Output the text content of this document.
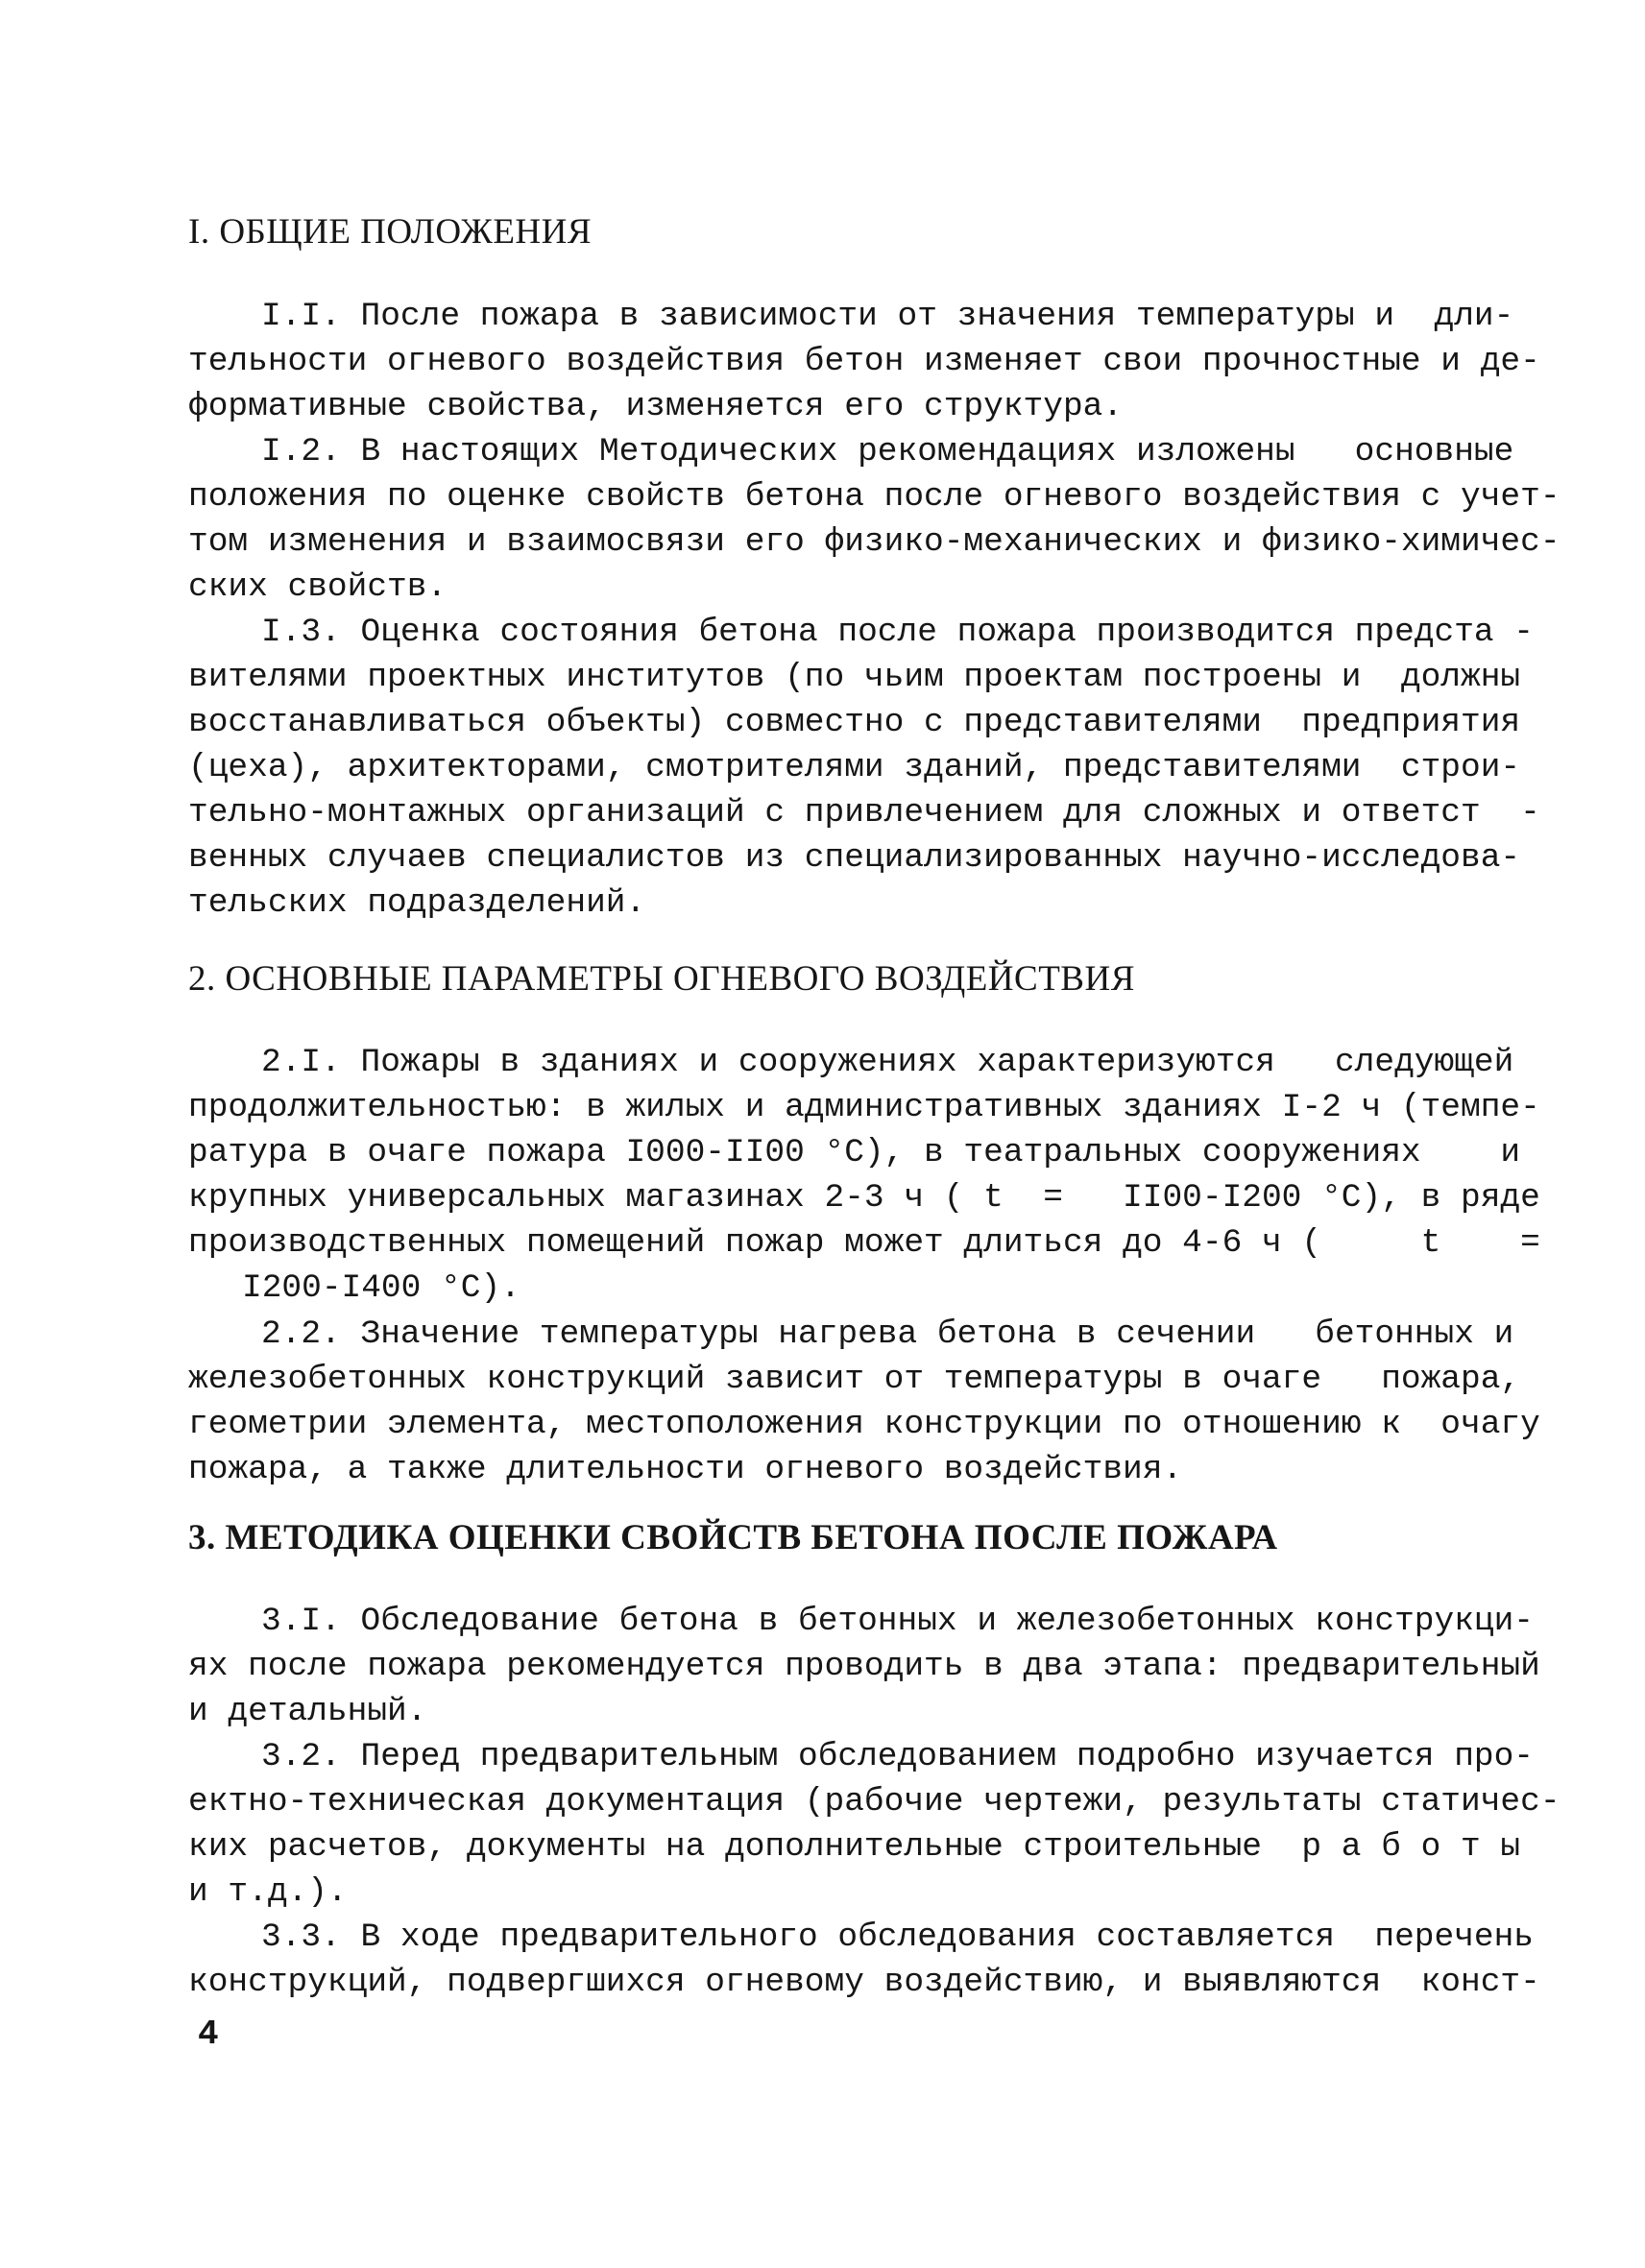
I. ОБЩИЕ ПОЛОЖЕНИЯ
I.I. После пожара в зависимости от значения температуры и  дли-
тельности огневого воздействия бетон изменяет свои прочностные и де-
формативные свойства, изменяется его структура.
I.2. В настоящих Методических рекомендациях изложены   основные
положения по оценке свойств бетона после огневого воздействия с учет-
том изменения и взаимосвязи его физико-механических и физико-химичес-
ских свойств.
I.3. Оценка состояния бетона после пожара производится предста -
вителями проектных институтов (по чьим проектам построены и  должны
восстанавливаться объекты) совместно с представителями  предприятия
(цеха), архитекторами, смотрителями зданий, представителями  строи-
тельно-монтажных организаций с привлечением для сложных и ответст  -
венных случаев специалистов из специализированных научно-исследова-
тельских подразделений.
2. ОСНОВНЫЕ ПАРАМЕТРЫ ОГНЕВОГО ВОЗДЕЙСТВИЯ
2.I. Пожары в зданиях и сооружениях характеризуются   следующей
продолжительностью: в жилых и административных зданиях I-2 ч (темпе-
ратура в очаге пожара I000-II00 °С), в театральных сооружениях    и
крупных универсальных магазинах 2-3 ч ( t  =   II00-I200 °С), в ряде
производственных помещений пожар может длиться до 4-6 ч (     t    =
I200-I400 °С).
2.2. Значение температуры нагрева бетона в сечении   бетонных и
железобетонных конструкций зависит от температуры в очаге   пожара,
геометрии элемента, местоположения конструкции по отношению к  очагу
пожара, а также длительности огневого воздействия.
3. МЕТОДИКА ОЦЕНКИ СВОЙСТВ БЕТОНА ПОСЛЕ ПОЖАРА
3.I. Обследование бетона в бетонных и железобетонных конструкци-
ях после пожара рекомендуется проводить в два этапа: предварительный
и детальный.
3.2. Перед предварительным обследованием подробно изучается про-
ектно-техническая документация (рабочие чертежи, результаты статичес-
ких расчетов, документы на дополнительные строительные  р а б о т ы
и т.д.).
3.3. В ходе предварительного обследования составляется  перечень
конструкций, подвергшихся огневому воздействию, и выявляются  конст-
4
